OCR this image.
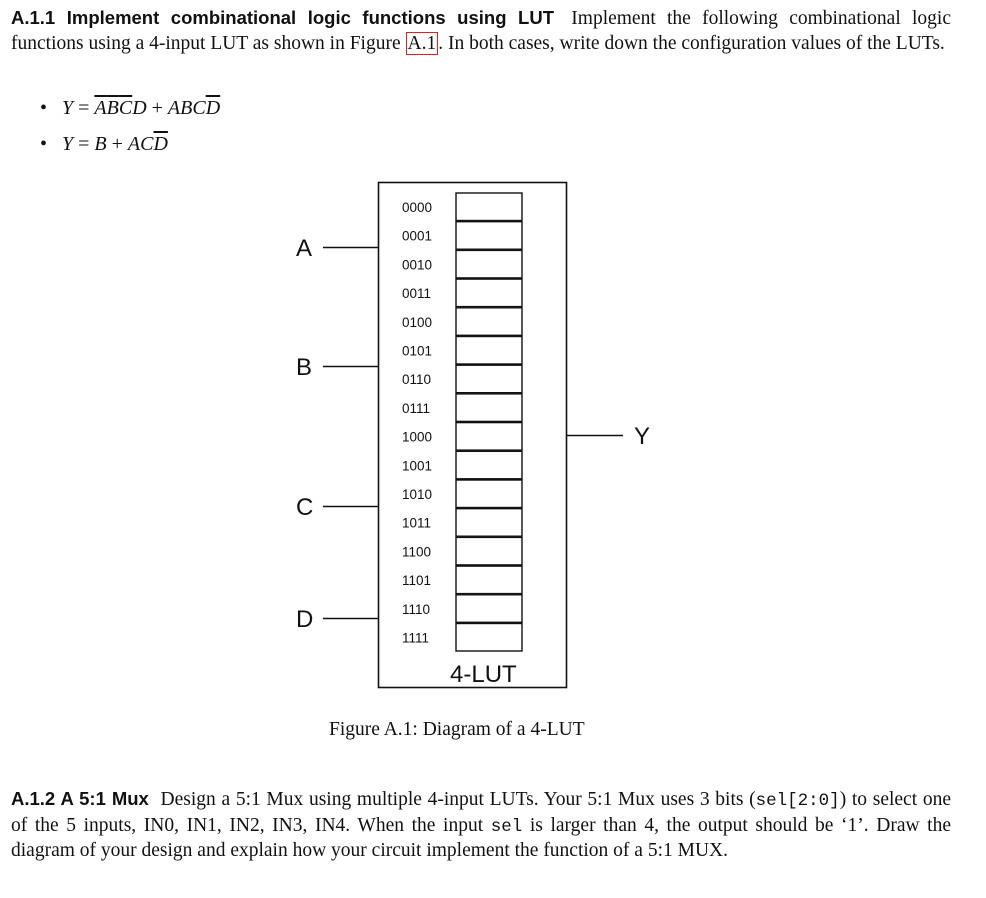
A.1.1 Implement combinational logic functions using LUT Implement the following combinational logic functions using a 4-input LUT as shown in Figure A.1 . In both cases, write down the configuration values of the LUTs.
• $Y = \overline{A}\overline{B}\overline{C}D + ABC\overline{D}$
• $Y = B + AC\overline{D}$
0000
0001
0010
0011
0100
0101
0110
0111
1000
1001
1010
1011
1100
1101
1110
1111
A
B
C
D
Y
4-LUT
Figure A.1: Diagram of a 4-LUT
A.1.2 A 5:1 Mux Design a 5:1 Mux using multiple 4-input LUTs. Your 5:1 Mux uses 3 bits (sel[2:0]) to select one of the 5 inputs, IN0, IN1, IN2, IN3, IN4. When the input sel is larger than 4, the output should be ‘1’. Draw the diagram of your design and explain how your circuit implement the function of a 5:1 MUX.
